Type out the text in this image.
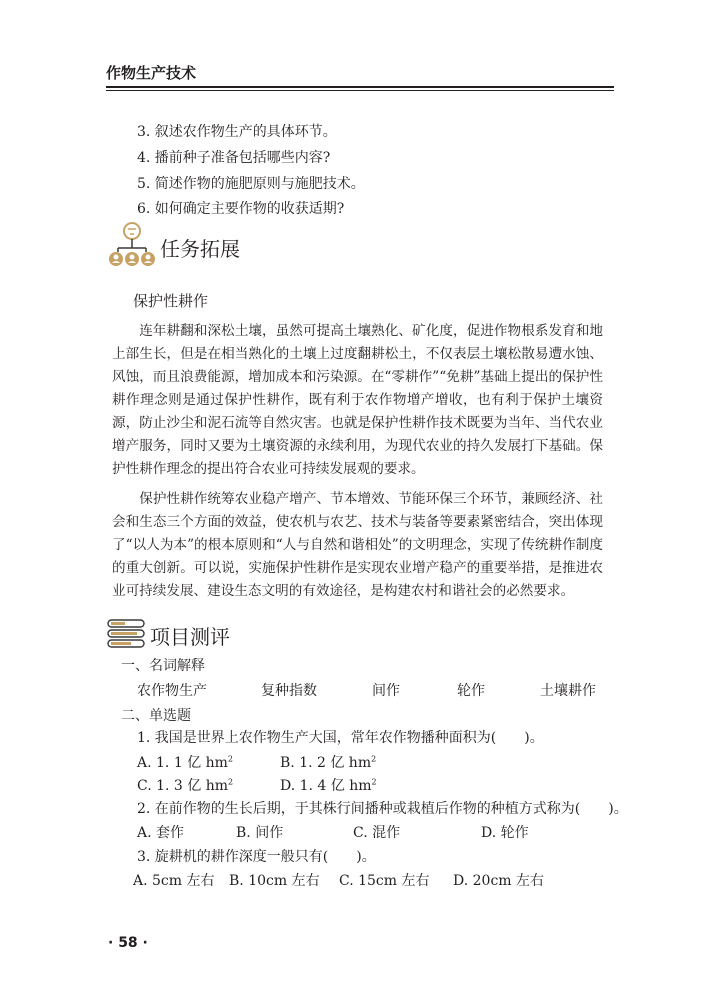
作物生产技术
3. 叙述农作物生产的具体环节。
4. 播前种子准备包括哪些内容?
5. 简述作物的施肥原则与施肥技术。
6. 如何确定主要作物的收获适期?
任务拓展
保护性耕作
连年耕翻和深松土壤，虽然可提高土壤熟化、矿化度，促进作物根系发育和地上部生长，但是在相当熟化的土壤上过度翻耕松土，不仅表层土壤松散易遭水蚀、风蚀，而且浪费能源，增加成本和污染源。在“零耕作”“免耕”基础上提出的保护性耕作理念则是通过保护性耕作，既有利于农作物增产增收，也有利于保护土壤资源，防止沙尘和泥石流等自然灾害。也就是保护性耕作技术既要为当年、当代农业增产服务，同时又要为土壤资源的永续利用，为现代农业的持久发展打下基础。保护性耕作理念的提出符合农业可持续发展观的要求。
保护性耕作统筹农业稳产增产、节本增效、节能环保三个环节，兼顾经济、社会和生态三个方面的效益，使农机与农艺、技术与装备等要素紧密结合，突出体现了“以人为本”的根本原则和“人与自然和谐相处”的文明理念，实现了传统耕作制度的重大创新。可以说，实施保护性耕作是实现农业增产稳产的重要举措，是推进农业可持续发展、建设生态文明的有效途径，是构建农村和谐社会的必然要求。
项目测评
一、名词解释
农作物生产	复种指数	间作	轮作	土壤耕作
二、单选题
1. 我国是世界上农作物生产大国，常年农作物播种面积为(　　)。
A. 1. 1 亿 $hm^2$	B. 1. 2 亿 $hm^2$
C. 1. 3 亿 $hm^2$	D. 1. 4 亿 $hm^2$
2. 在前作物的生长后期，于其株行间播种或栽植后作物的种植方式称为(　　)。
A. 套作	B. 间作	C. 混作	D. 轮作
3. 旋耕机的耕作深度一般只有(　　)。
A. 5cm 左右 B. 10cm 左右 C. 15cm 左右 D. 20cm 左右
· 58 ·
